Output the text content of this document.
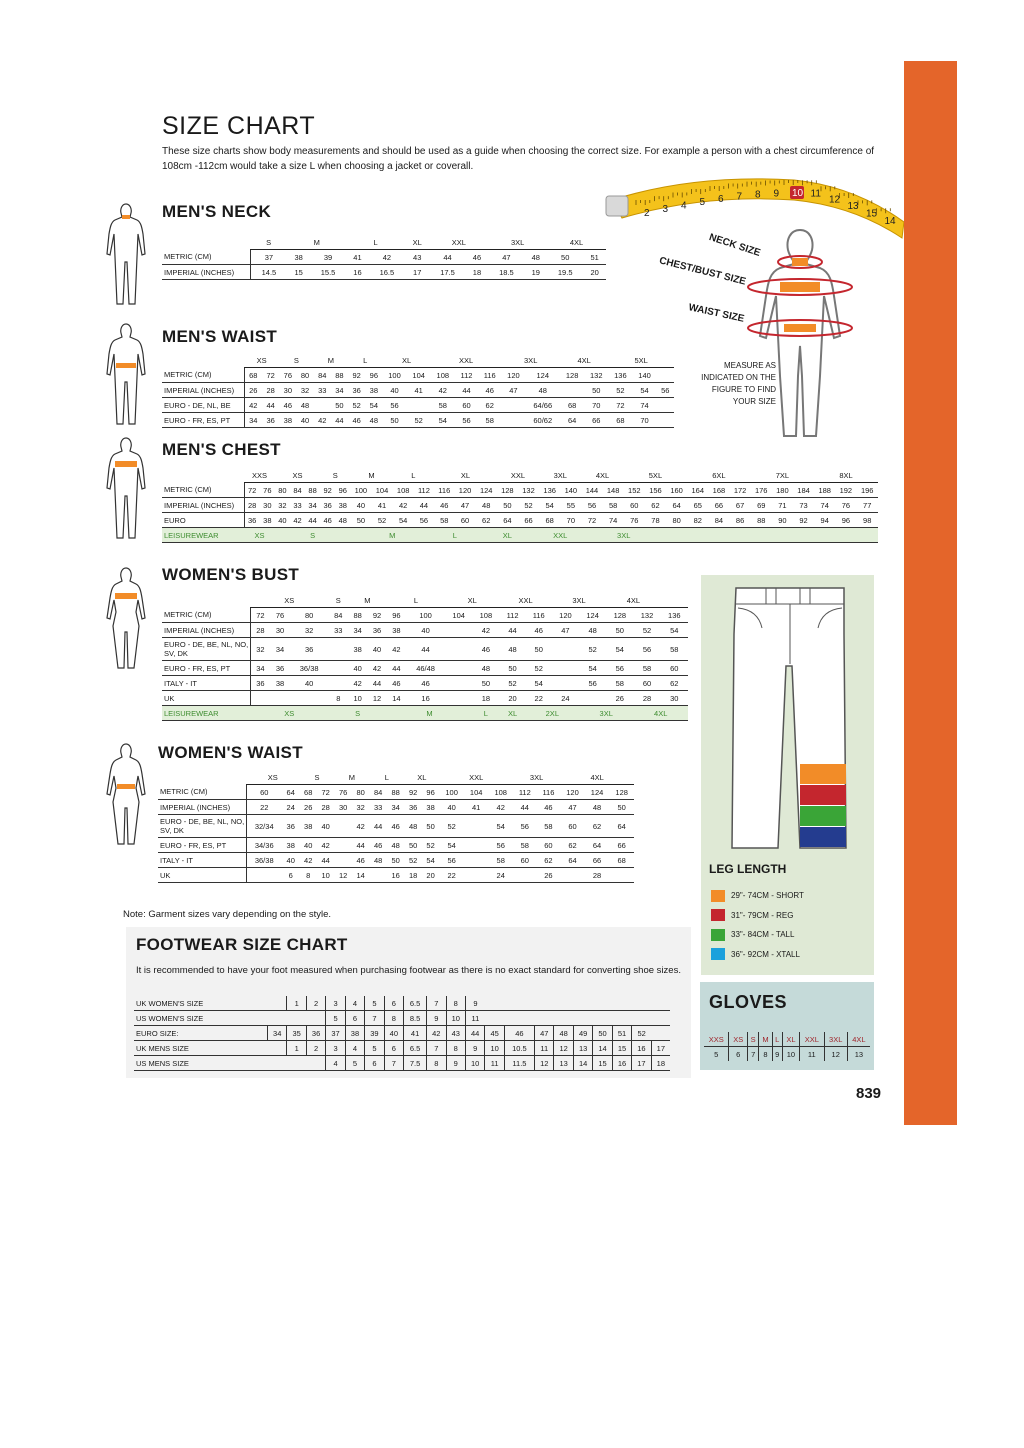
SIZE CHART
These size charts show body measurements and should be used as a guide when choosing the correct size. For example a person with a chest circumference of 108cm -112cm would take a size L when choosing a jacket or coverall.
2 3 4 5 6 7 8 9 10 11
12
13
15
14
NECK SIZE
CHEST/BUST SIZE
WAIST SIZE
MEASURE AS INDICATED ON THE FIGURE TO FIND YOUR SIZE
MEN'S NECK
	S	M		L		XL	XXL		3XL		4XL	
METRIC (CM)	37	38	39	41	42	43	44	46	47	48	50	51
IMPERIAL (INCHES)	14.5	15	15.5	16	16.5	17	17.5	18	18.5	19	19.5	20
MEN'S WAIST
	XS		S		M		L		XL		XXL			3XL		4XL		5XL		
METRIC (CM)	68	72	76	80	84	88	92	96	100	104	108	112	116	120	124	128	132	136	140	
IMPERIAL (INCHES)	26	28	30	32	33	34	36	38	40	41	42	44	46	47	48		50	52	54	56
EURO - DE, NL, BE	42	44	46	48		50	52	54	56		58	60	62		64/66	68	70	72	74	
EURO - FR, ES, PT	34	36	38	40	42	44	46	48	50	52	54	56	58		60/62	64	66	68	70	
MEN'S CHEST
	XXS		XS			S		M		L		XL			XXL		3XL		4XL		5XL			6XL			7XL			8XL		
METRIC (CM)	72	76	80	84	88	92	96	100	104	108	112	116	120	124	128	132	136	140	144	148	152	156	160	164	168	172	176	180	184	188	192	196
IMPERIAL (INCHES)	28	30	32	33	34	36	38	40	41	42	44	46	47	48	50	52	54	55	56	58	60	62	64	65	66	67	69	71	73	74	76	77
EURO	36	38	40	42	44	46	48	50	52	54	56	58	60	62	64	66	68	70	72	74	76	78	80	82	84	86	88	90	92	94	96	98
LEISUREWEAR	XS		S					M				L		XL			XXL		3XL													
WOMEN'S BUST
	XS			S	M		L		XL		XXL		3XL		4XL		
METRIC (CM)	72	76	80	84	88	92	96	100	104	108	112	116	120	124	128	132	136
IMPERIAL (INCHES)	28	30	32	33	34	36	38	40		42	44	46	47	48	50	52	54
EURO - DE, BE, NL, NO, SV, DK	32	34	36		38	40	42	44		46	48	50		52	54	56	58
EURO - FR, ES, PT	34	36	36/38		40	42	44	46/48		48	50	52		54	56	58	60
ITALY - IT	36	38	40		42	44	46	46		50	52	54		56	58	60	62
UK				8	10	12	14	16		18	20	22	24		26	28	30
LEISUREWEAR	XS			S			M			L	XL	2XL		3XL		4XL	
WOMEN'S WAIST
	XS		S		M		L		XL		XXL			3XL		4XL		
METRIC (CM)	60	64	68	72	76	80	84	88	92	96	100	104	108	112	116	120	124	128
IMPERIAL (INCHES)	22	24	26	28	30	32	33	34	36	38	40	41	42	44	46	47	48	50
EURO - DE, BE, NL, NO, SV, DK	32/34	36	38	40		42	44	46	48	50	52		54	56	58	60	62	64
EURO - FR, ES, PT	34/36	38	40	42		44	46	48	50	52	54		56	58	60	62	64	66
ITALY - IT	36/38	40	42	44		46	48	50	52	54	56		58	60	62	64	66	68
UK		6	8	10	12	14		16	18	20	22		24		26		28	
Note: Garment sizes vary depending on the style.
FOOTWEAR SIZE CHART
It is recommended to have your foot measured when purchasing footwear as there is no exact standard for converting shoe sizes.
UK WOMEN'S SIZE		1	2	3	4	5	6	6.5	7	8	9									
US WOMEN'S SIZE				5	6	7	8	8.5	9	10	11									
EURO SIZE:	34	35	36	37	38	39	40	41	42	43	44	45	46	47	48	49	50	51	52	
UK MENS SIZE		1	2	3	4	5	6	6.5	7	8	9	10	10.5	11	12	13	14	15	16	17
US MENS SIZE				4	5	6	7	7.5	8	9	10	11	11.5	12	13	14	15	16	17	18
LEG LENGTH
29"- 74CM - SHORT
31"- 79CM - REG
33"- 84CM - TALL
36"- 92CM - XTALL
GLOVES
XXS	XS	S	M	L	XL	XXL	3XL	4XL
5	6	7	8	9	10	11	12	13
839
